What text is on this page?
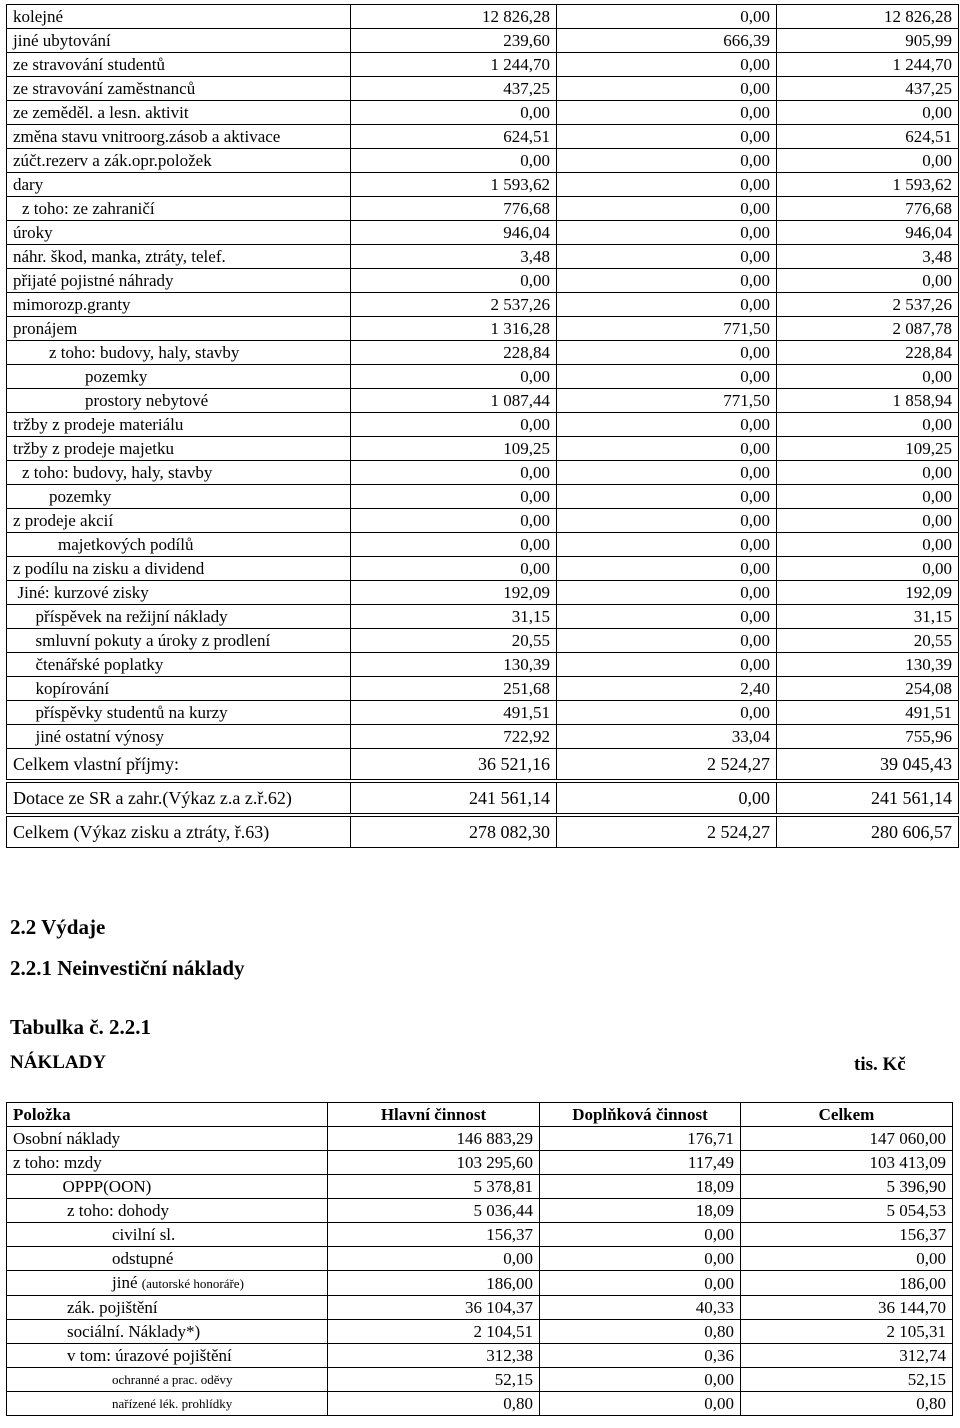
kolejné	12 826,28	0,00	12 826,28
jiné ubytování	239,60	666,39	905,99
ze stravování studentů	1 244,70	0,00	1 244,70
ze stravování zaměstnanců	437,25	0,00	437,25
ze zeměděl. a lesn. aktivit	0,00	0,00	0,00
změna stavu vnitroorg.zásob a aktivace	624,51	0,00	624,51
zúčt.rezerv a zák.opr.položek	0,00	0,00	0,00
dary	1 593,62	0,00	1 593,62
z toho: ze zahraničí	776,68	0,00	776,68
úroky	946,04	0,00	946,04
náhr. škod, manka, ztráty, telef.	3,48	0,00	3,48
přijaté pojistné náhrady	0,00	0,00	0,00
mimorozp.granty	2 537,26	0,00	2 537,26
pronájem	1 316,28	771,50	2 087,78
z toho: budovy, haly, stavby	228,84	0,00	228,84
pozemky	0,00	0,00	0,00
prostory nebytové	1 087,44	771,50	1 858,94
tržby z prodeje materiálu	0,00	0,00	0,00
tržby z prodeje majetku	109,25	0,00	109,25
z toho: budovy, haly, stavby	0,00	0,00	0,00
pozemky	0,00	0,00	0,00
z prodeje akcií	0,00	0,00	0,00
majetkových podílů	0,00	0,00	0,00
z podílu na zisku a dividend	0,00	0,00	0,00
Jiné: kurzové zisky	192,09	0,00	192,09
příspěvek na režijní náklady	31,15	0,00	31,15
smluvní pokuty a úroky z prodlení	20,55	0,00	20,55
čtenářské poplatky	130,39	0,00	130,39
kopírování	251,68	2,40	254,08
příspěvky studentů na kurzy	491,51	0,00	491,51
jiné ostatní výnosy	722,92	33,04	755,96
Celkem vlastní příjmy:	36 521,16	2 524,27	39 045,43

Dotace ze SR a zahr.(Výkaz z.a z.ř.62)	241 561,14	0,00	241 561,14

Celkem (Výkaz zisku a ztráty, ř.63)	278 082,30	2 524,27	280 606,57
2.2 Výdaje
2.2.1 Neinvestiční náklady
Tabulka č. 2.2.1
NÁKLADY	tis. Kč
Položka	Hlavní činnost	Doplňková činnost	Celkem
Osobní náklady	146 883,29	176,71	147 060,00
z toho: mzdy	103 295,60	117,49	103 413,09
OPPP(OON)	5 378,81	18,09	5 396,90
z toho: dohody	5 036,44	18,09	5 054,53
civilní sl.	156,37	0,00	156,37
odstupné	0,00	0,00	0,00
jiné (autorské honoráře)	186,00	0,00	186,00
zák. pojištění	36 104,37	40,33	36 144,70
sociální. Náklady*)	2 104,51	0,80	2 105,31
v tom: úrazové pojištění	312,38	0,36	312,74
ochranné a prac. oděvy	52,15	0,00	52,15
nařízené lék. prohlídky	0,80	0,00	0,80
